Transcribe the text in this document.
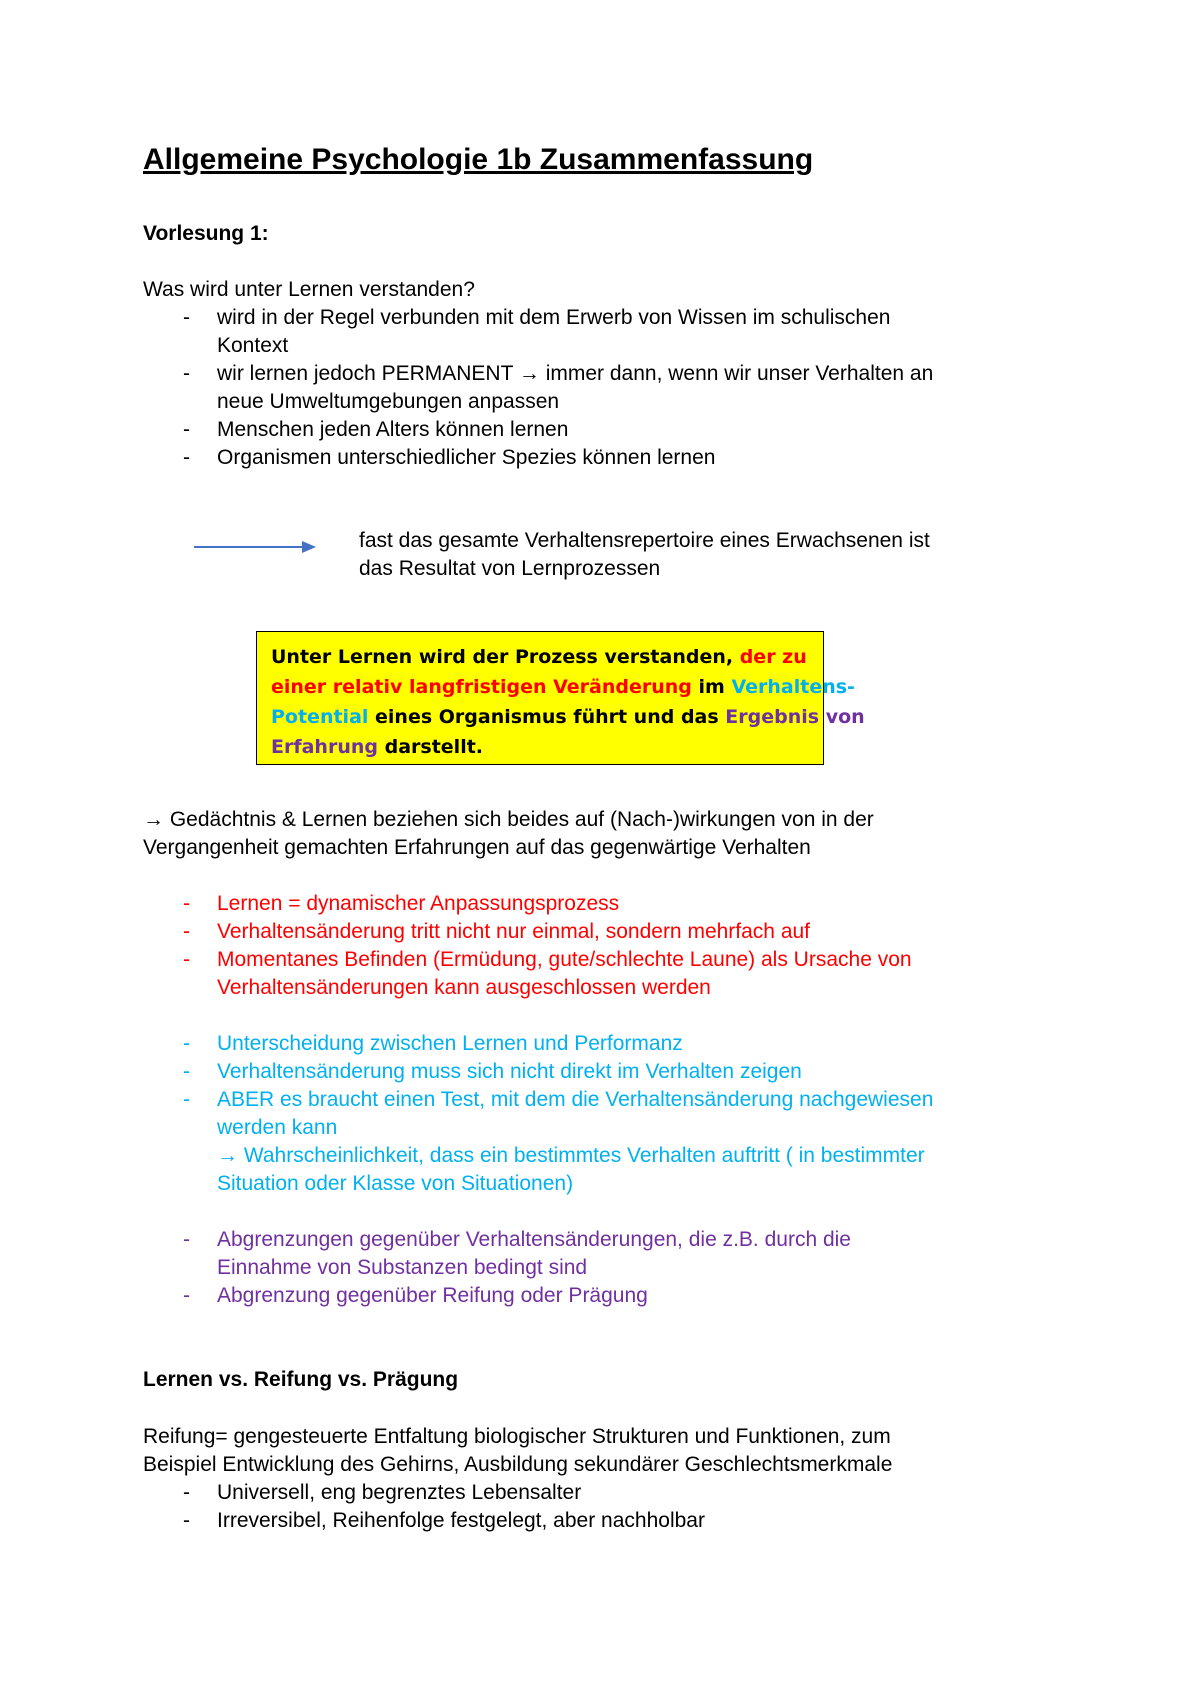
Allgemeine Psychologie 1b Zusammenfassung
Vorlesung 1:
Was wird unter Lernen verstanden?
- wird in der Regel verbunden mit dem Erwerb von Wissen im schulischen
Kontext
- wir lernen jedoch PERMANENT → immer dann, wenn wir unser Verhalten an
neue Umweltumgebungen anpassen
- Menschen jeden Alters können lernen
- Organismen unterschiedlicher Spezies können lernen
fast das gesamte Verhaltensrepertoire eines Erwachsenen ist
das Resultat von Lernprozessen
Unter Lernen wird der Prozess verstanden, der zu
einer relativ langfristigen Veränderung im Verhaltens-
Potential eines Organismus führt und das Ergebnis von
Erfahrung darstellt.
→ Gedächtnis & Lernen beziehen sich beides auf (Nach-)wirkungen von in der
Vergangenheit gemachten Erfahrungen auf das gegenwärtige Verhalten
- Lernen = dynamischer Anpassungsprozess
- Verhaltensänderung tritt nicht nur einmal, sondern mehrfach auf
- Momentanes Befinden (Ermüdung, gute/schlechte Laune) als Ursache von
Verhaltensänderungen kann ausgeschlossen werden
- Unterscheidung zwischen Lernen und Performanz
- Verhaltensänderung muss sich nicht direkt im Verhalten zeigen
- ABER es braucht einen Test, mit dem die Verhaltensänderung nachgewiesen
werden kann
→ Wahrscheinlichkeit, dass ein bestimmtes Verhalten auftritt ( in bestimmter
Situation oder Klasse von Situationen)
- Abgrenzungen gegenüber Verhaltensänderungen, die z.B. durch die
Einnahme von Substanzen bedingt sind
- Abgrenzung gegenüber Reifung oder Prägung
Lernen vs. Reifung vs. Prägung
Reifung= gengesteuerte Entfaltung biologischer Strukturen und Funktionen, zum
Beispiel Entwicklung des Gehirns, Ausbildung sekundärer Geschlechtsmerkmale
- Universell, eng begrenztes Lebensalter
- Irreversibel, Reihenfolge festgelegt, aber nachholbar
